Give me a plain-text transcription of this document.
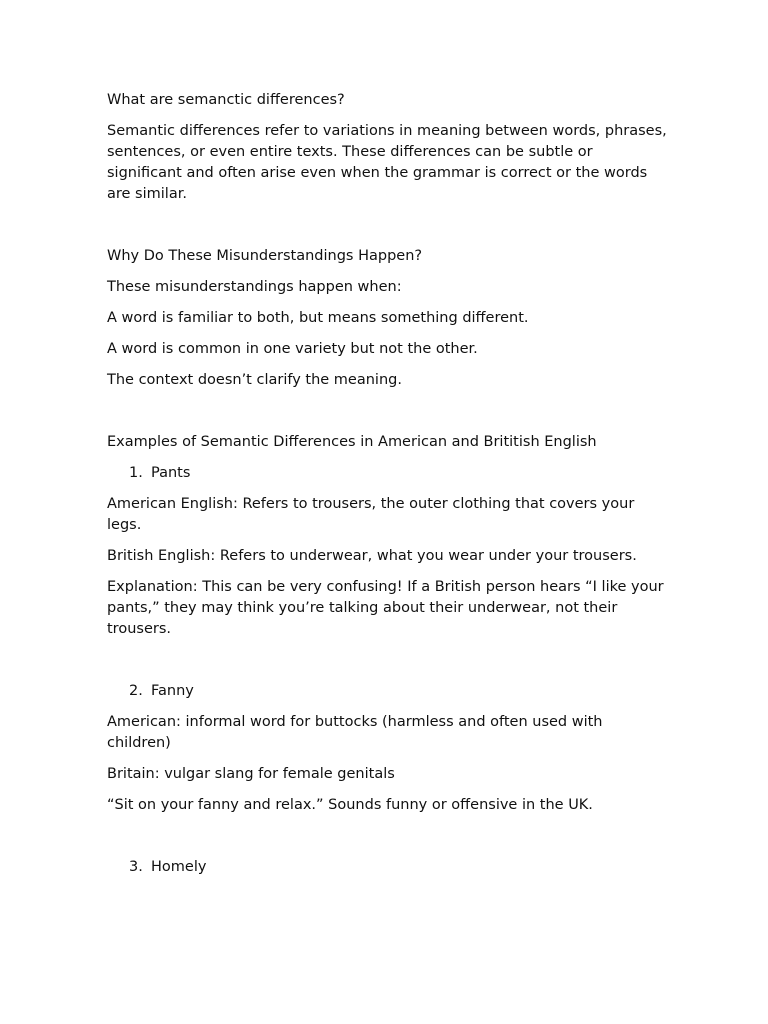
What are semanctic differences?

Semantic differences refer to variations in meaning between words, phrases, sentences, or even entire texts. These differences can be subtle or significant and often arise even when the grammar is correct or the words are similar.

Why Do These Misunderstandings Happen?

These misunderstandings happen when:

A word is familiar to both, but means something different.

A word is common in one variety but not the other.

The context doesn’t clarify the meaning.

Examples of Semantic Differences in American and Brititish English

1. Pants

American English: Refers to trousers, the outer clothing that covers your legs.

British English: Refers to underwear, what you wear under your trousers.

Explanation: This can be very confusing! If a British person hears “I like your pants,” they may think you’re talking about their underwear, not their trousers.

2. Fanny

American: informal word for buttocks (harmless and often used with children)

Britain: vulgar slang for female genitals

“Sit on your fanny and relax.” Sounds funny or offensive in the UK.

3. Homely
